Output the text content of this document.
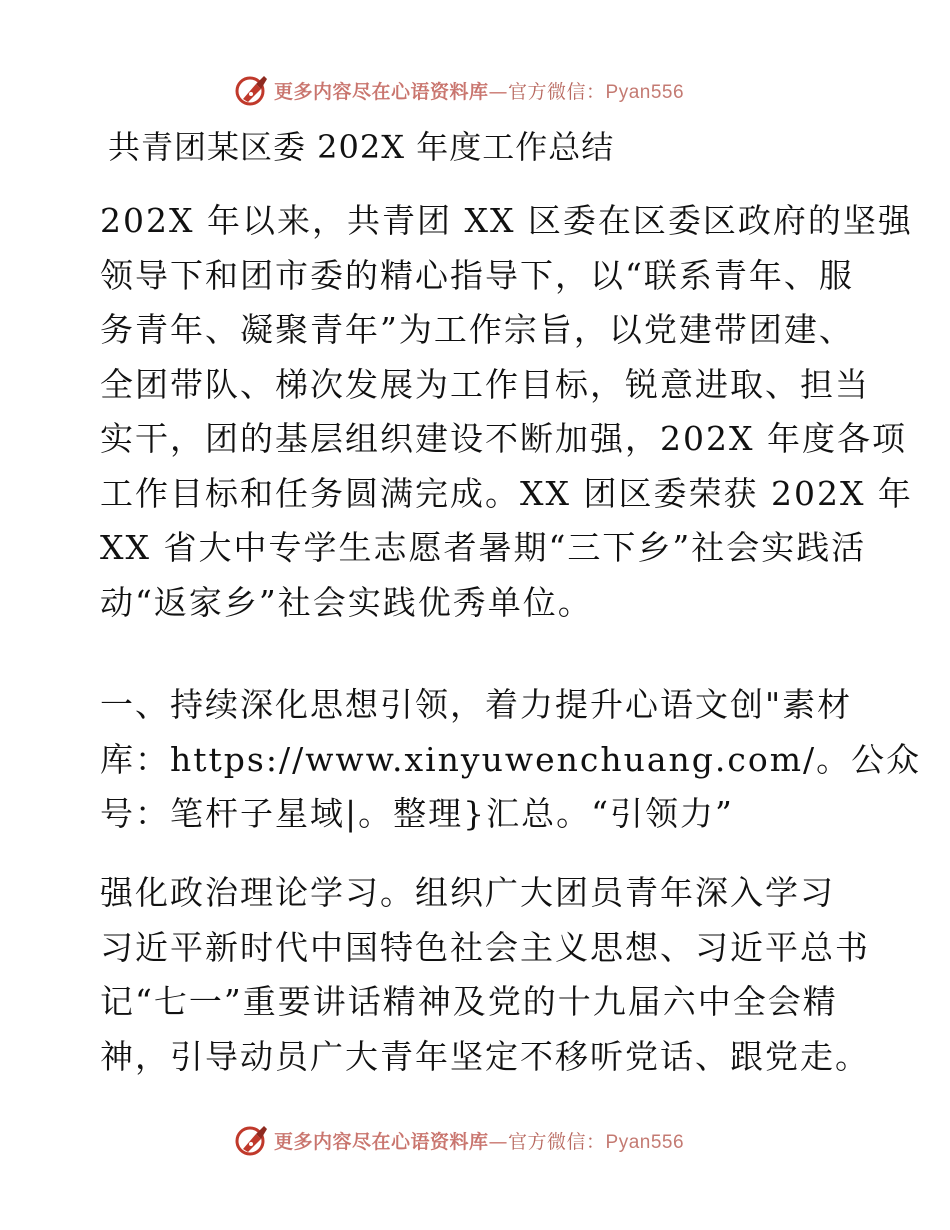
更多内容尽在心语资料库—官方微信：Pyan556
共青团某区委 202X 年度工作总结

202X 年以来，共青团 XX 区委在区委区政府的坚强
领导下和团市委的精心指导下，以“联系青年、服
务青年、凝聚青年”为工作宗旨，以党建带团建、
全团带队、梯次发展为工作目标，锐意进取、担当
实干，团的基层组织建设不断加强，202X 年度各项
工作目标和任务圆满完成。XX 团区委荣获 202X 年
XX 省大中专学生志愿者暑期“三下乡”社会实践活
动“返家乡”社会实践优秀单位。

一、持续深化思想引领，着力提升心语文创"素材
库：https://www.xinyuwenchuang.com/。公众
号：笔杆子星域|。整理}汇总。“引领力”

强化政治理论学习。组织广大团员青年深入学习
习近平新时代中国特色社会主义思想、习近平总书
记“七一”重要讲话精神及党的十九届六中全会精
神，引导动员广大青年坚定不移听党话、跟党走。

更多内容尽在心语资料库—官方微信：Pyan556
